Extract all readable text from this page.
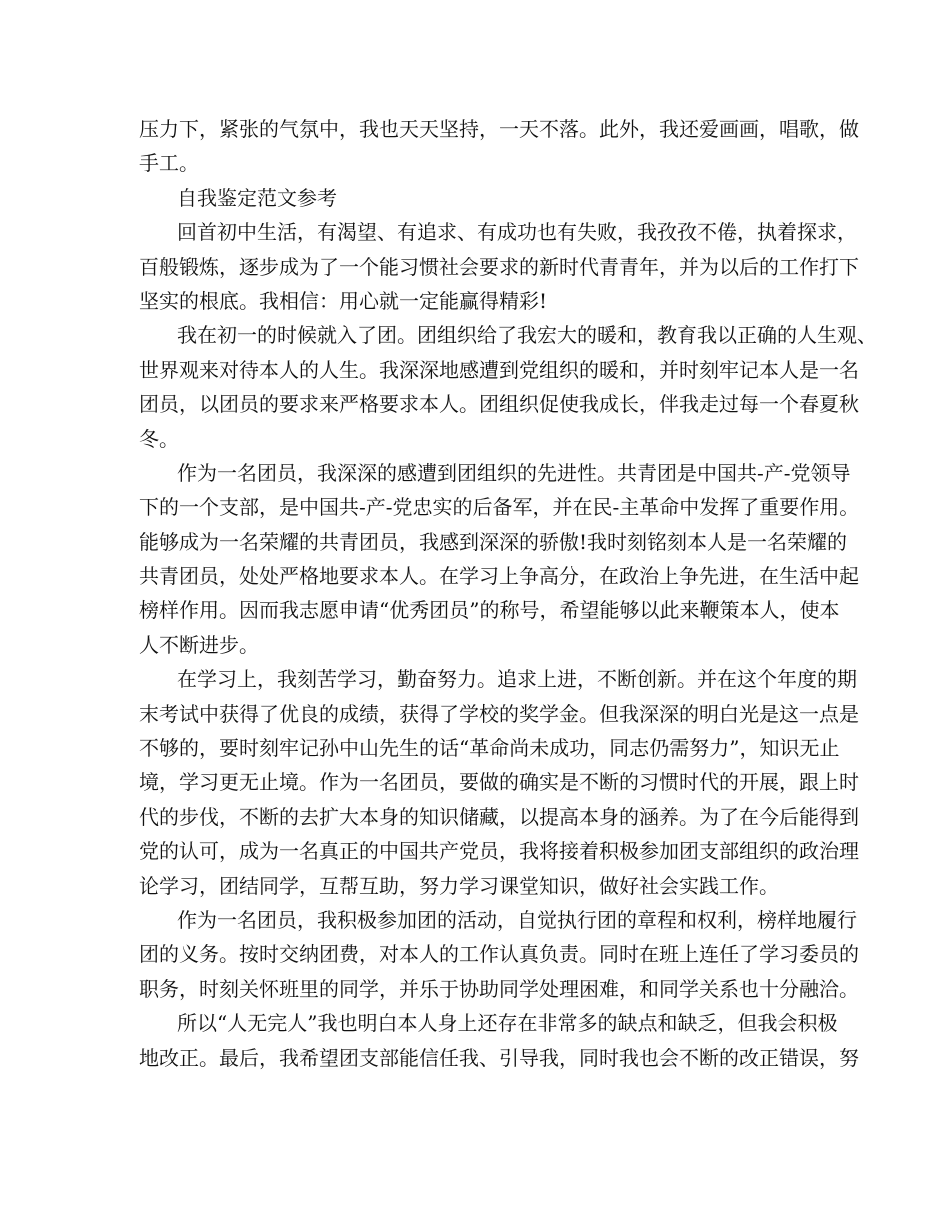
压力下，紧张的气氛中，我也天天坚持，一天不落。此外，我还爱画画，唱歌，做
手工。
自我鉴定范文参考
回首初中生活，有渴望、有追求、有成功也有失败，我孜孜不倦，执着探求，
百般锻炼，逐步成为了一个能习惯社会要求的新时代青青年，并为以后的工作打下
坚实的根底。我相信：用心就一定能赢得精彩!
我在初一的时候就入了团。团组织给了我宏大的暖和，教育我以正确的人生观、
世界观来对待本人的人生。我深深地感遭到党组织的暖和，并时刻牢记本人是一名
团员，以团员的要求来严格要求本人。团组织促使我成长，伴我走过每一个春夏秋
冬。
作为一名团员，我深深的感遭到团组织的先进性。共青团是中国共-产-党领导
下的一个支部，是中国共-产-党忠实的后备军，并在民-主革命中发挥了重要作用。
能够成为一名荣耀的共青团员，我感到深深的骄傲!我时刻铭刻本人是一名荣耀的
共青团员，处处严格地要求本人。在学习上争高分，在政治上争先进，在生活中起
榜样作用。因而我志愿申请“优秀团员”的称号，希望能够以此来鞭策本人，使本
人不断进步。
在学习上，我刻苦学习，勤奋努力。追求上进，不断创新。并在这个年度的期
末考试中获得了优良的成绩，获得了学校的奖学金。但我深深的明白光是这一点是
不够的，要时刻牢记孙中山先生的话“革命尚未成功，同志仍需努力”，知识无止
境，学习更无止境。作为一名团员，要做的确实是不断的习惯时代的开展，跟上时
代的步伐，不断的去扩大本身的知识储藏，以提高本身的涵养。为了在今后能得到
党的认可，成为一名真正的中国共产党员，我将接着积极参加团支部组织的政治理
论学习，团结同学，互帮互助，努力学习课堂知识，做好社会实践工作。
作为一名团员，我积极参加团的活动，自觉执行团的章程和权利，榜样地履行
团的义务。按时交纳团费，对本人的工作认真负责。同时在班上连任了学习委员的
职务，时刻关怀班里的同学，并乐于协助同学处理困难，和同学关系也十分融洽。
所以“人无完人”我也明白本人身上还存在非常多的缺点和缺乏，但我会积极
地改正。最后，我希望团支部能信任我、引导我，同时我也会不断的改正错误，努
